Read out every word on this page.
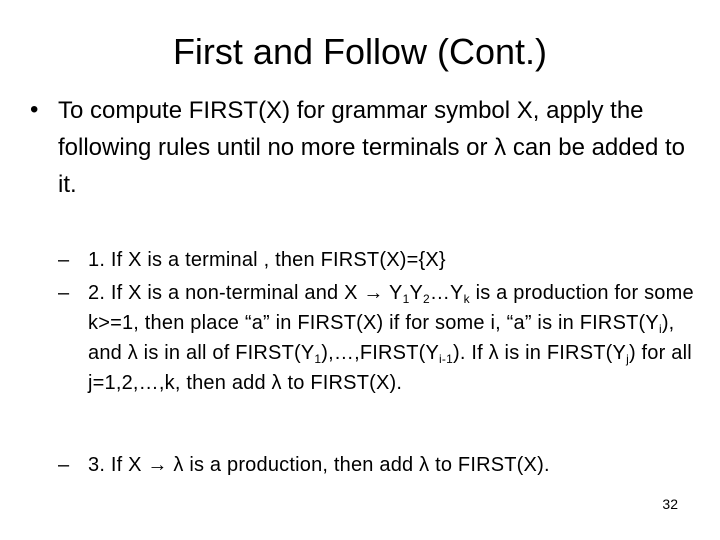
First and Follow (Cont.)
• To compute FIRST(X) for grammar symbol X, apply the following rules until no more terminals or λ can be added to it.
– 1. If X is a terminal , then FIRST(X)={X}
– 2. If X is a non-terminal and $X \to Y_1Y_2\dots Y_k$ is a production for some k>=1, then place “a” in FIRST(X) if for some i, “a” is in $FIRST(Y_i)$, and λ is in all of $FIRST(Y_1),\dots,FIRST(Y_{i-1})$. If λ is in $FIRST(Y_j)$ for all j=1,2,…,k, then add λ to FIRST(X).
– 3. If X → λ is a production, then add λ to FIRST(X).
32
